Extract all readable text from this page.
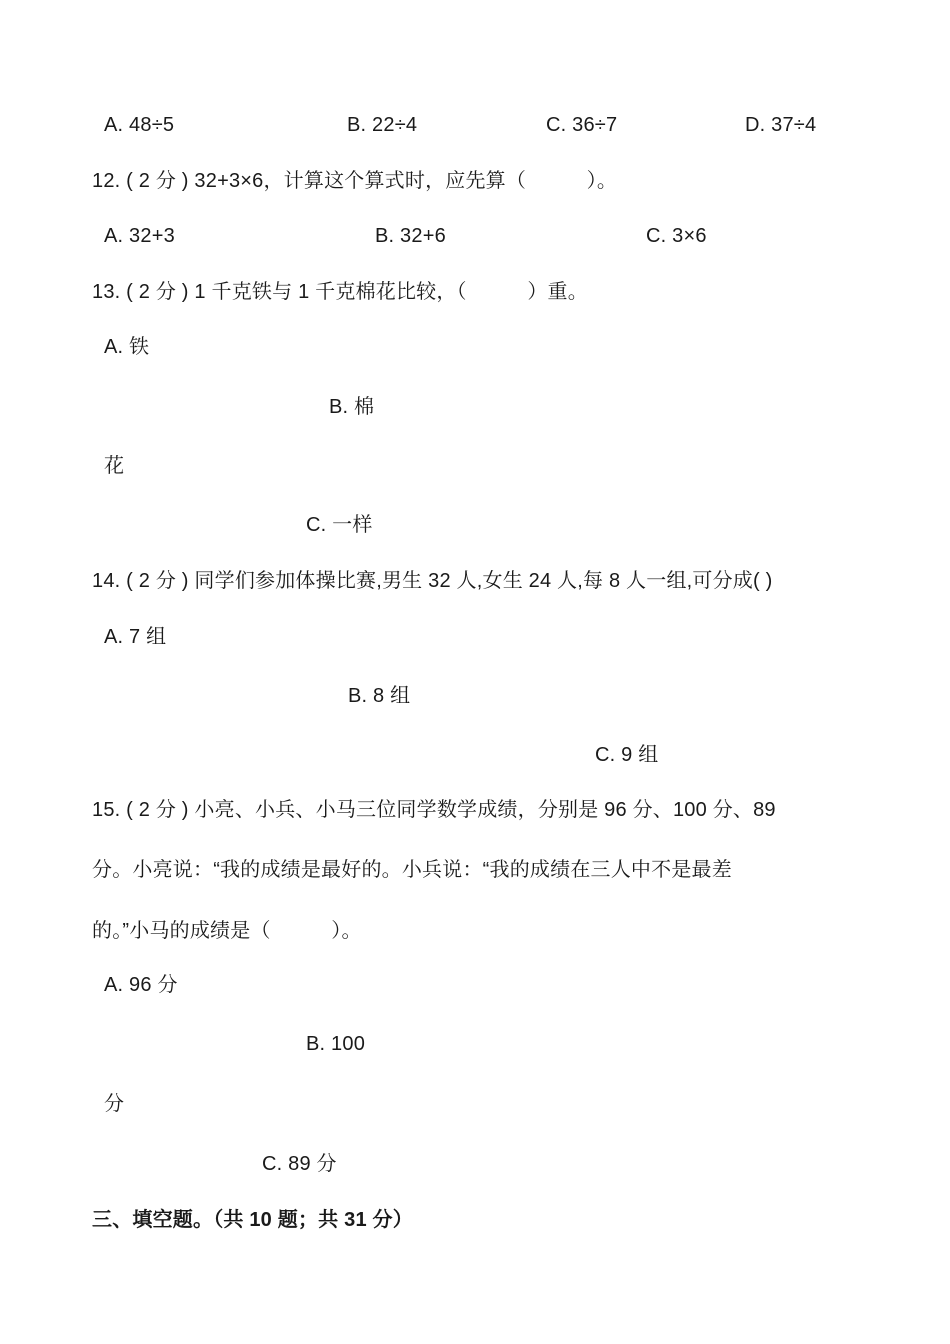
A. 48÷5	B. 22÷4	C. 36÷7	D. 37÷4
12. ( 2 分 ) 32+3×6，计算这个算式时，应先算（　　　）。
A. 32+3	B. 32+6	C. 3×6
13. ( 2 分 ) 1 千克铁与 1 千克棉花比较，（　　　）重。
A. 铁
B. 棉
花
C. 一样
14. ( 2 分 ) 同学们参加体操比赛,男生 32 人,女生 24 人,每 8 人一组,可分成( )
A. 7 组
B. 8 组
C. 9 组
15. ( 2 分 ) 小亮、小兵、小马三位同学数学成绩，分别是 96 分、100 分、89
分。小亮说：“我的成绩是最好的。小兵说：“我的成绩在三人中不是最差
的。”小马的成绩是（　　　）。
A. 96 分
B. 100
分
C. 89 分
三、填空题。（共 10 题；共 31 分）
